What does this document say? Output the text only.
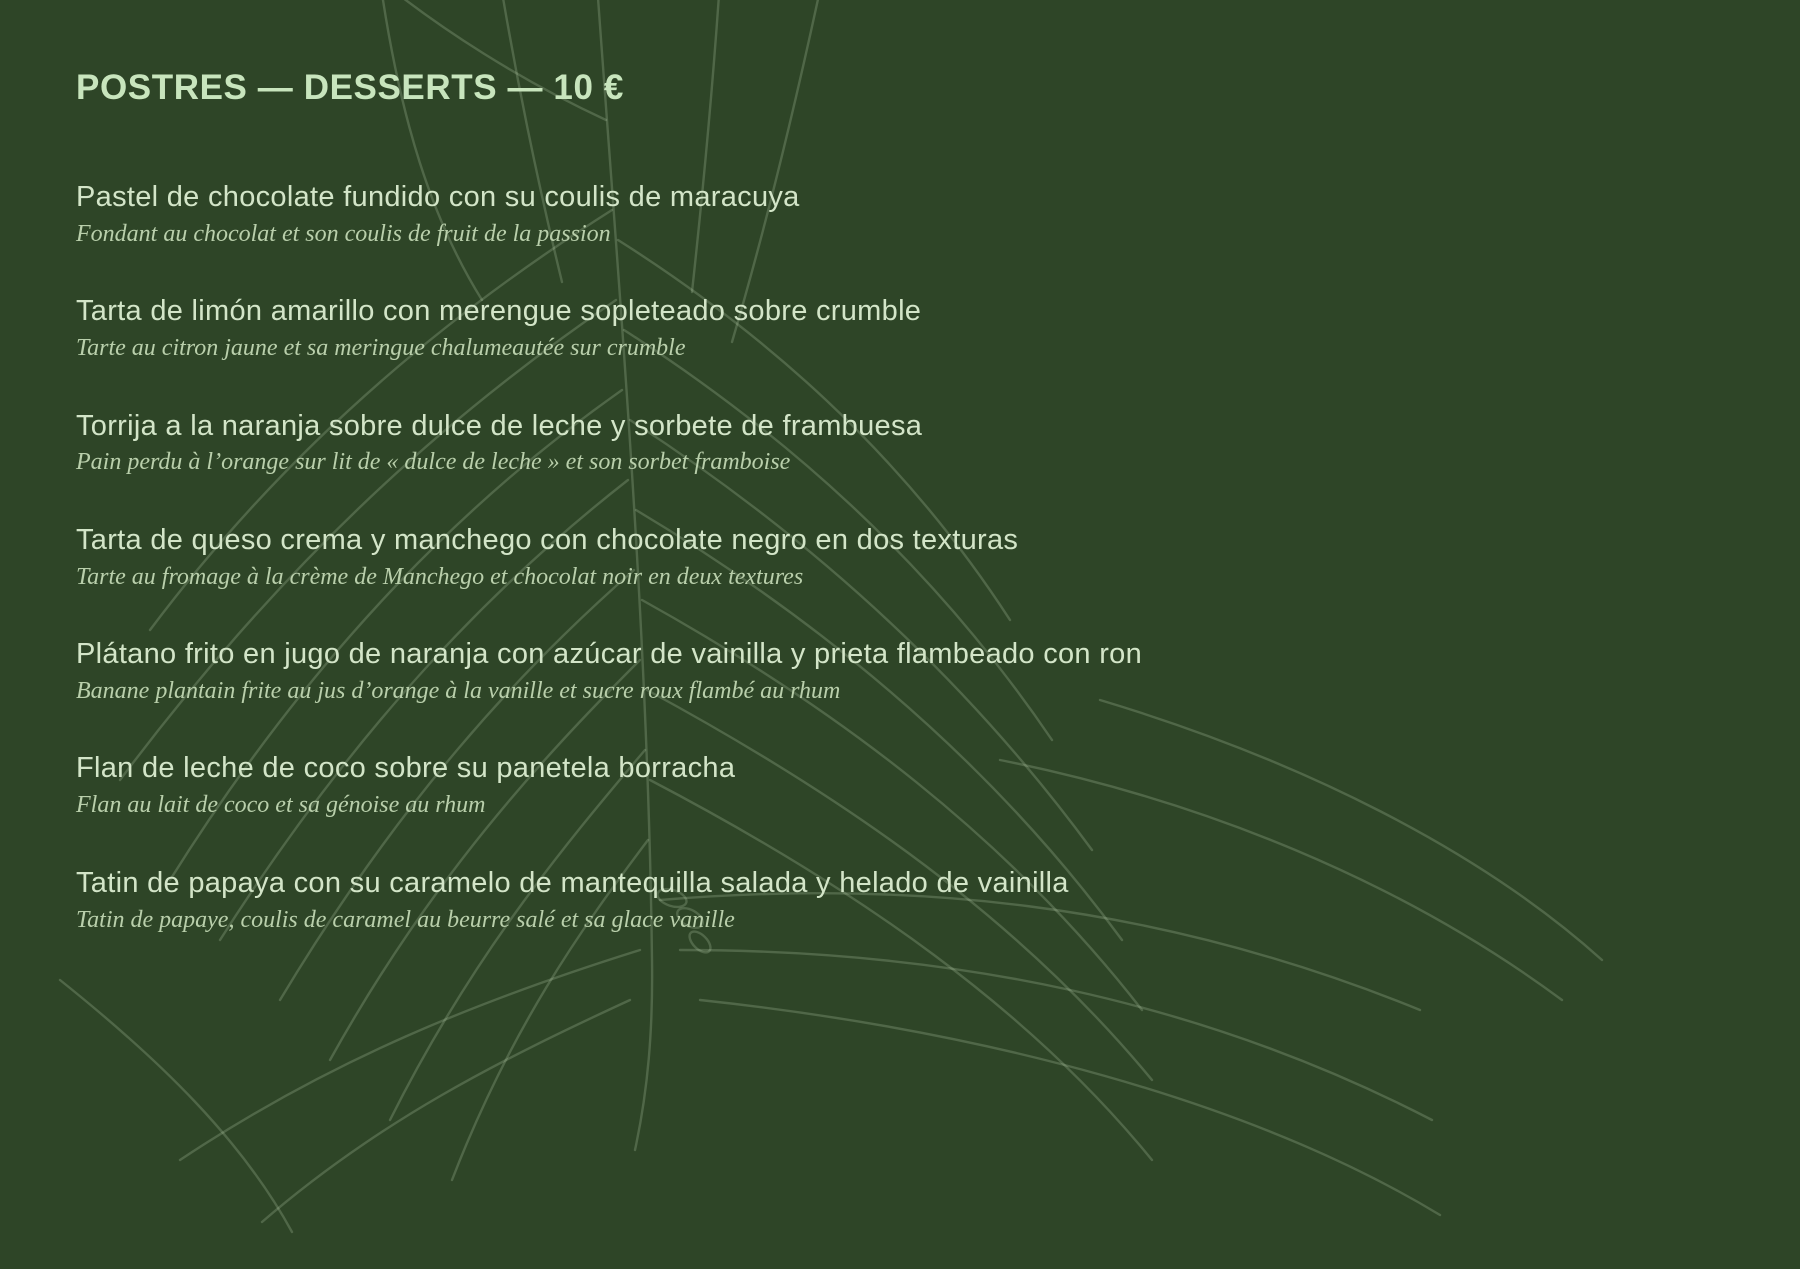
POSTRES — DESSERTS — 10 €
Pastel de chocolate fundido con su coulis de maracuya
Fondant au chocolat et son coulis de fruit de la passion
Tarta de limón amarillo con merengue sopleteado sobre crumble
Tarte au citron jaune et sa meringue chalumeautée sur crumble
Torrija a la naranja sobre dulce de leche y sorbete de frambuesa
Pain perdu à l’orange sur lit de « dulce de leche » et son sorbet framboise
Tarta de queso crema y manchego con chocolate negro en dos texturas
Tarte au fromage à la crème de Manchego et chocolat noir en deux textures
Plátano frito en jugo de naranja con azúcar de vainilla y prieta flambeado con ron
Banane plantain frite au jus d’orange à la vanille et sucre roux flambé au rhum
Flan de leche de coco sobre su panetela borracha
Flan au lait de coco et sa génoise au rhum
Tatin de papaya con su caramelo de mantequilla salada y helado de vainilla
Tatin de papaye, coulis de caramel au beurre salé et sa glace vanille
